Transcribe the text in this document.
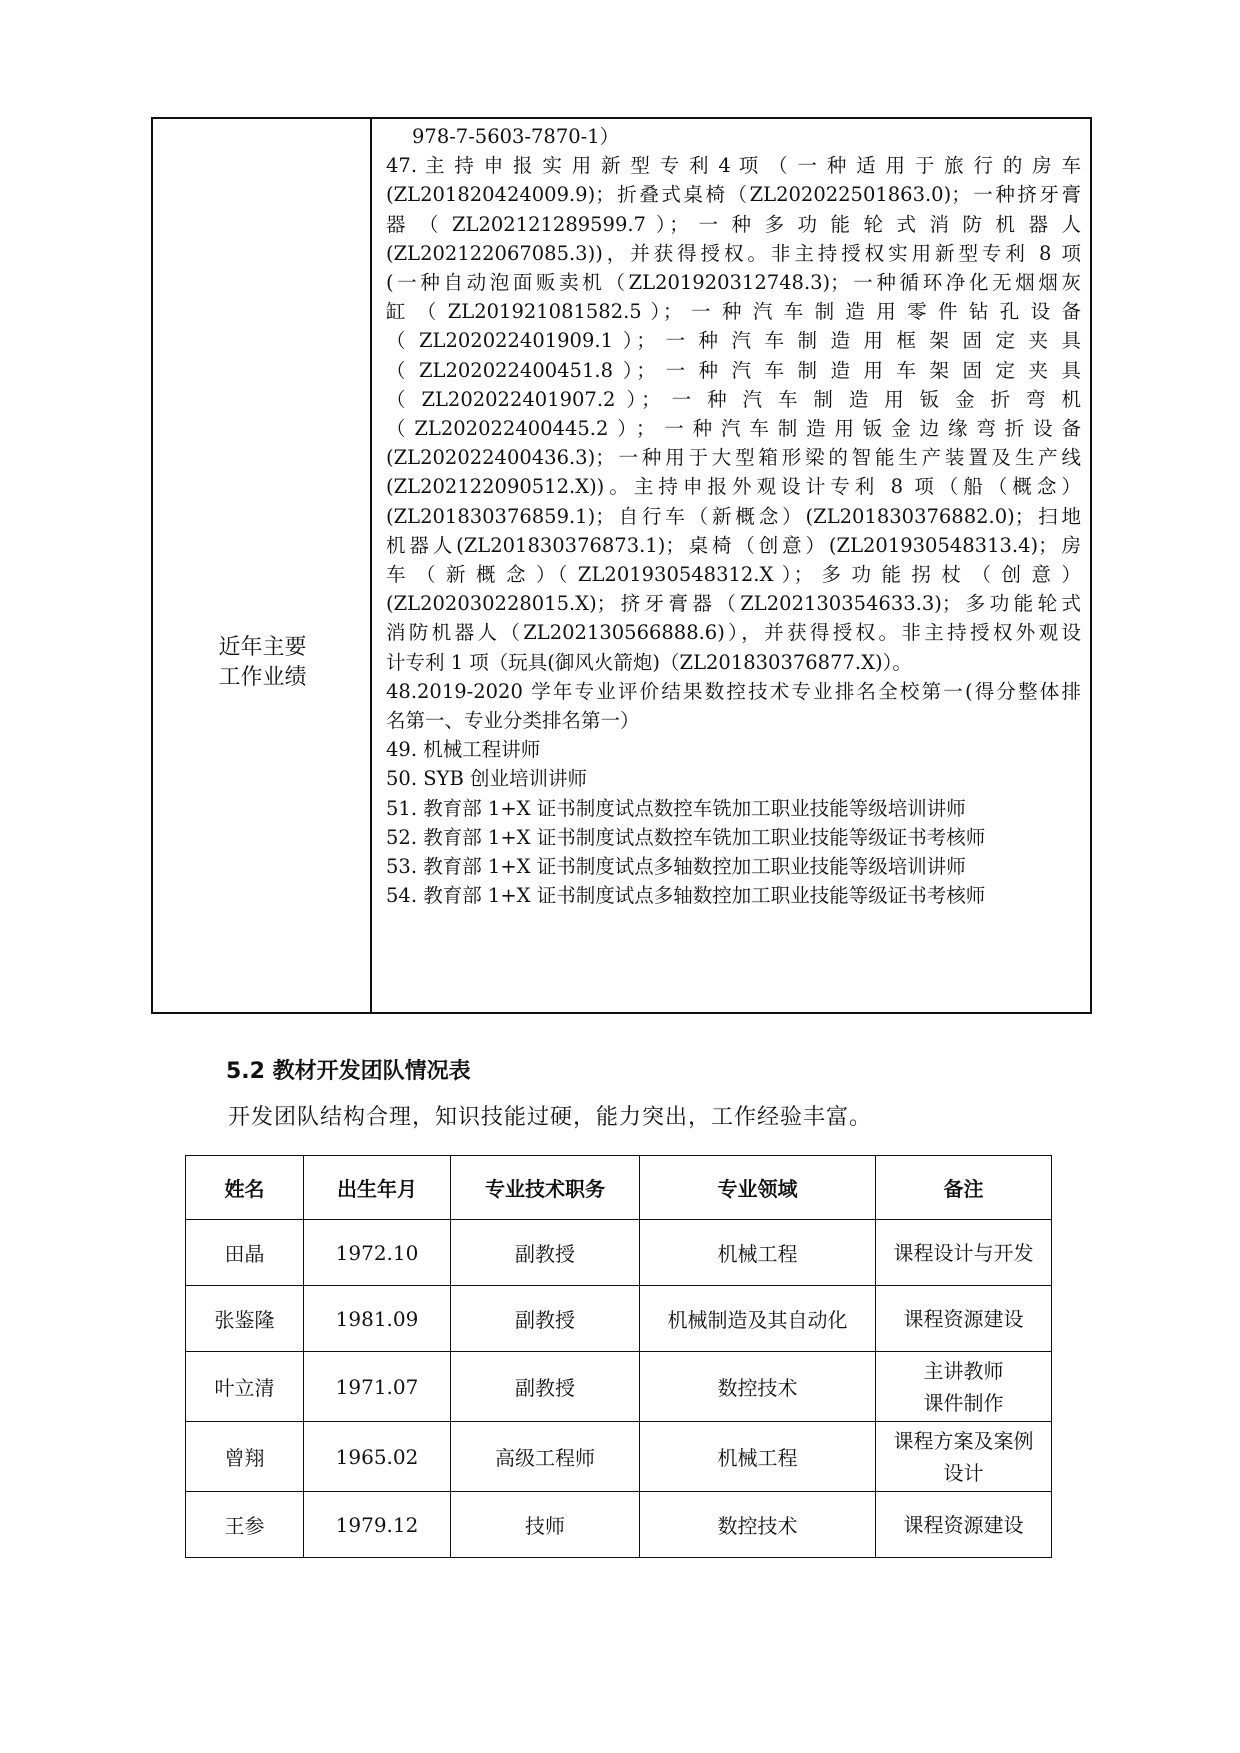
近年主要
工作业绩
978-7-5603-7870-1）
47. 主 持 申 报 实 用 新 型 专 利 4 项 （ 一 种 适 用 于 旅 行 的 房 车
(ZL201820424009.9)；折叠式桌椅（ZL202022501863.0)；一种挤牙膏
器 （ ZL202121289599.7 ）； 一 种 多 功 能 轮 式 消 防 机 器 人
(ZL202122067085.3))，并获得授权。非主持授权实用新型专利 8 项
(一种自动泡面贩卖机（ZL201920312748.3)；一种循环净化无烟烟灰
缸 （ ZL201921081582.5 ）； 一 种 汽 车 制 造 用 零 件 钻 孔 设 备
（ ZL202022401909.1 ）； 一 种 汽 车 制 造 用 框 架 固 定 夹 具
（ ZL202022400451.8 ）； 一 种 汽 车 制 造 用 车 架 固 定 夹 具
（ ZL202022401907.2 ）； 一 种 汽 车 制 造 用 钣 金 折 弯 机
（ZL202022400445.2）；一种汽车制造用钣金边缘弯折设备
(ZL202022400436.3)；一种用于大型箱形梁的智能生产装置及生产线
(ZL202122090512.X))。主持申报外观设计专利 8 项（船（概念）
(ZL201830376859.1)；自行车（新概念）(ZL201830376882.0)；扫地
机器人(ZL201830376873.1)；桌椅（创意）(ZL201930548313.4)；房
车 （ 新 概 念 ）（ ZL201930548312.X ）； 多 功 能 拐 杖 （ 创 意 ）
(ZL202030228015.X)；挤牙膏器（ZL202130354633.3)；多功能轮式
消防机器人（ZL202130566888.6)），并获得授权。非主持授权外观设
计专利 1 项（玩具(御风火箭炮)（ZL201830376877.X)）。
48.2019-2020 学年专业评价结果数控技术专业排名全校第一(得分整体排
名第一、专业分类排名第一）
49. 机械工程讲师
50. SYB 创业培训讲师
51. 教育部 1+X 证书制度试点数控车铣加工职业技能等级培训讲师
52. 教育部 1+X 证书制度试点数控车铣加工职业技能等级证书考核师
53. 教育部 1+X 证书制度试点多轴数控加工职业技能等级培训讲师
54. 教育部 1+X 证书制度试点多轴数控加工职业技能等级证书考核师
5.2 教材开发团队情况表
开发团队结构合理，知识技能过硬，能力突出，工作经验丰富。
姓名	出生年月	专业技术职务	专业领域	备注
田晶	1972.10	副教授	机械工程	课程设计与开发

张鉴隆	1981.09	副教授	机械制造及其自动化	课程资源建设

叶立清	1971.07	副教授	数控技术	主讲教师
课件制作

曾翔	1965.02	高级工程师	机械工程	课程方案及案例
设计

王参	1979.12	技师	数控技术	课程资源建设
